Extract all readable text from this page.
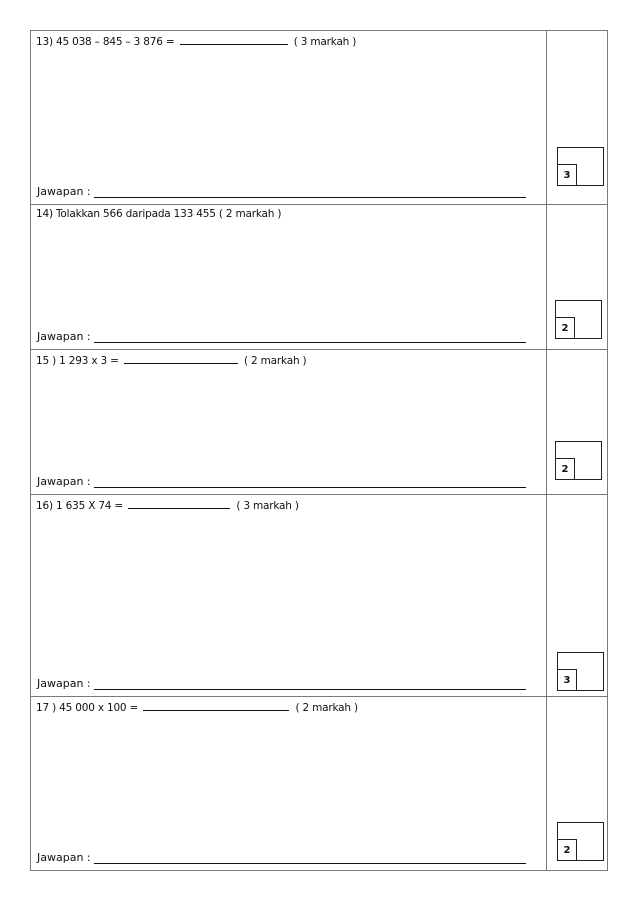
13) 45 038 – 845 – 3 876 =	( 3 markah )
Jawapan :
3
14) Tolakkan 566 daripada 133 455 ( 2 markah )
Jawapan :
2
15 ) 1 293 x 3 =	( 2 markah )
Jawapan :
2
16) 1 635 X 74 =	( 3 markah )
Jawapan :	3
17 ) 45 000 x 100 =	( 2 markah )
Jawapan :
2
